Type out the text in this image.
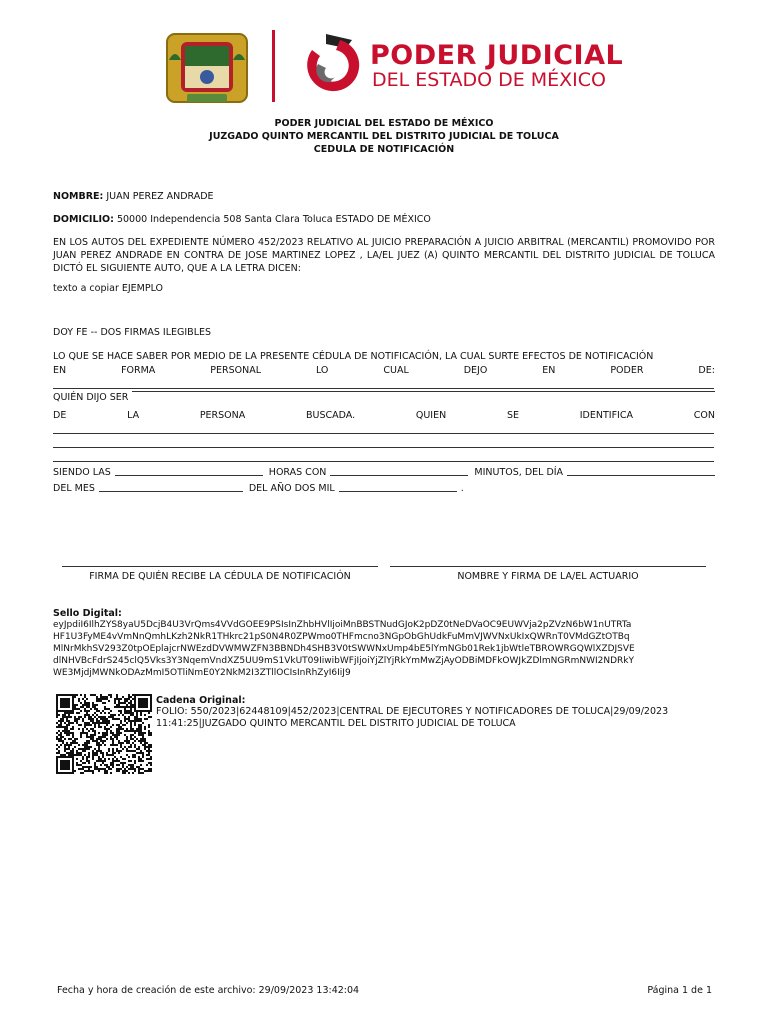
PODER JUDICIAL
DEL ESTADO DE MÉXICO
PODER JUDICIAL DEL ESTADO DE MÉXICO
JUZGADO QUINTO MERCANTIL DEL DISTRITO JUDICIAL DE TOLUCA
CEDULA DE NOTIFICACIÓN
NOMBRE: JUAN PEREZ ANDRADE
DOMICILIO: 50000 Independencia 508 Santa Clara Toluca ESTADO DE MÉXICO
EN LOS AUTOS DEL EXPEDIENTE NÚMERO 452/2023 RELATIVO AL JUICIO PREPARACIÓN A JUICIO ARBITRAL (MERCANTIL) PROMOVIDO POR JUAN PEREZ ANDRADE EN CONTRA DE JOSE MARTINEZ LOPEZ , LA/EL JUEZ (A) QUINTO MERCANTIL DEL DISTRITO JUDICIAL DE TOLUCA DICTÓ EL SIGUIENTE AUTO, QUE A LA LETRA DICEN:
texto a copiar EJEMPLO
DOY FE -- DOS FIRMAS ILEGIBLES
LO QUE SE HACE SABER POR MEDIO DE LA PRESENTE CÉDULA DE NOTIFICACIÓN, LA CUAL SURTE EFECTOS DE NOTIFICACIÓN
EN	FORMA	PERSONAL	LO	CUAL	DEJO	EN	PODER	DE:
QUIÉN DIJO SER
DE	LA	PERSONA	BUSCADA.	QUIEN	SE	IDENTIFICA	CON
SIENDO LAS	HORAS CON	MINUTOS, DEL DÍA
DEL MES	DEL AÑO DOS MIL	.
FIRMA DE QUIÉN RECIBE LA CÉDULA DE NOTIFICACIÓN	NOMBRE Y FIRMA DE LA/EL ACTUARIO
Sello Digital:
eyJpdiI6IlhZYS8yaU5DcjB4U3VrQms4VVdGOEE9PSIsInZhbHVlIjoiMnBBSTNudGJoK2pDZ0tNeDVaOC9EUWVja2pZVzN6bW1nUTRTa
HF1U3FyME4vVmNnQmhLKzh2NkR1THkrc21pS0N4R0ZPWmo0THFmcno3NGpObGhUdkFuMmVJWVNxUkIxQWRnT0VMdGZtOTBq
MlNrMkhSV293Z0tpOEplajcrNWEzdDVWMWZFN3BBNDh4SHB3V0tSWWNxUmp4bE5lYmNGb01Rek1jbWtleTBROWRGQWlXZDJSVE
dlNHVBcFdrS245clQ5Vks3Y3NqemVndXZ5UU9mS1VkUT09IiwibWFjIjoiYjZlYjRkYmMwZjAyODBiMDFkOWJkZDlmNGRmNWI2NDRkY
WE3MjdjMWNkODAzMmI5OTliNmE0Y2NkM2I3ZTllOCIsInRhZyI6IiJ9
Cadena Original:
FOLIO: 550/2023|62448109|452/2023|CENTRAL DE EJECUTORES Y NOTIFICADORES DE TOLUCA|29/09/2023
11:41:25|JUZGADO QUINTO MERCANTIL DEL DISTRITO JUDICIAL DE TOLUCA
Fecha y hora de creación de este archivo: 29/09/2023 13:42:04	Página 1 de 1
